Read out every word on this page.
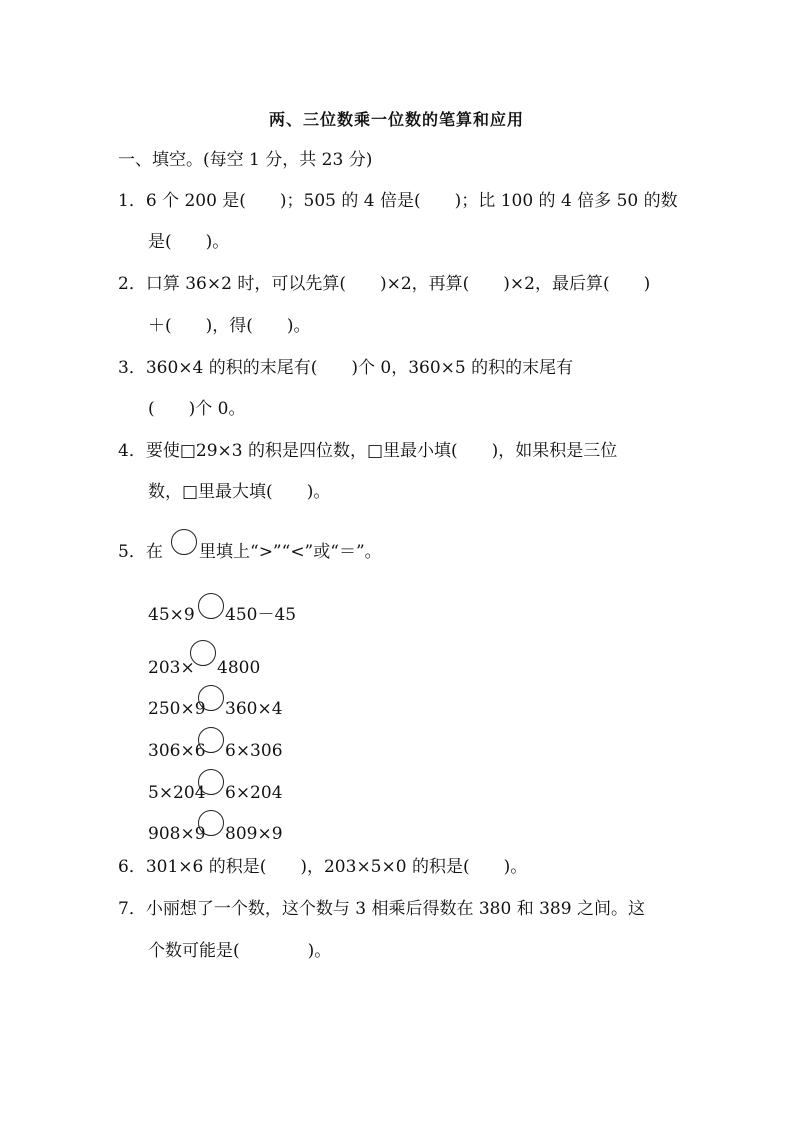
两、三位数乘一位数的笔算和应用
一、填空。(每空 1 分，共 23 分)
1．6 个 200 是(　　)；505 的 4 倍是(　　)；比 100 的 4 倍多 50 的数
是(　　)。
2．口算 36×2 时，可以先算(　　)×2，再算(　　)×2，最后算(　　)
＋(　　)，得(　　)。
3．360×4 的积的末尾有(　　)个 0，360×5 的积的末尾有
(　　)个 0。
4．要使□29×3 的积是四位数，□里最小填(　　)，如果积是三位
数，□里最大填(　　)。
5．在 里填上“>”“<”或“＝”。
45×9 450－45
203× 4800
250×9 360×4
306×6 6×306
5×204 6×204
908×9 809×9
6．301×6 的积是(　　)，203×5×0 的积是(　　)。
7．小丽想了一个数，这个数与 3 相乘后得数在 380 和 389 之间。这
个数可能是(　　　　)。
